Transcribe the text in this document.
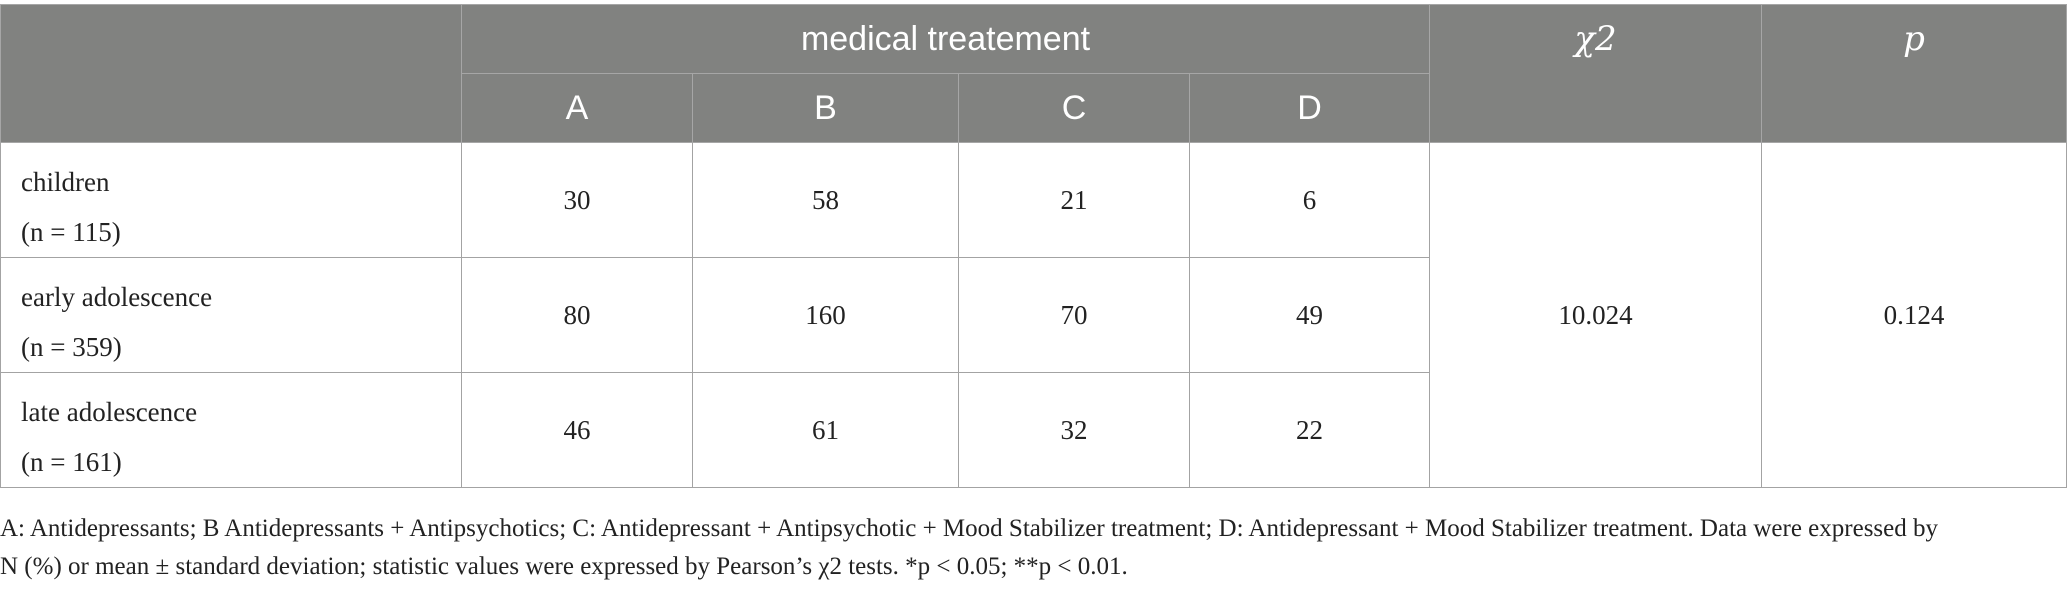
	medical treatement				χ2	p
	A	B	C	D		

children
(n = 115)	30	58	21	6	10.024	0.124

early adolescence
(n = 359)	80	160	70	49		

late adolescence
(n = 161)	46	61	32	22		
A: Antidepressants; B Antidepressants + Antipsychotics; C: Antidepressant + Antipsychotic + Mood Stabilizer treatment; D: Antidepressant + Mood Stabilizer treatment. Data were expressed by
N (%) or mean ± standard deviation; statistic values were expressed by Pearson’s χ2 tests. *p < 0.05; **p < 0.01.
